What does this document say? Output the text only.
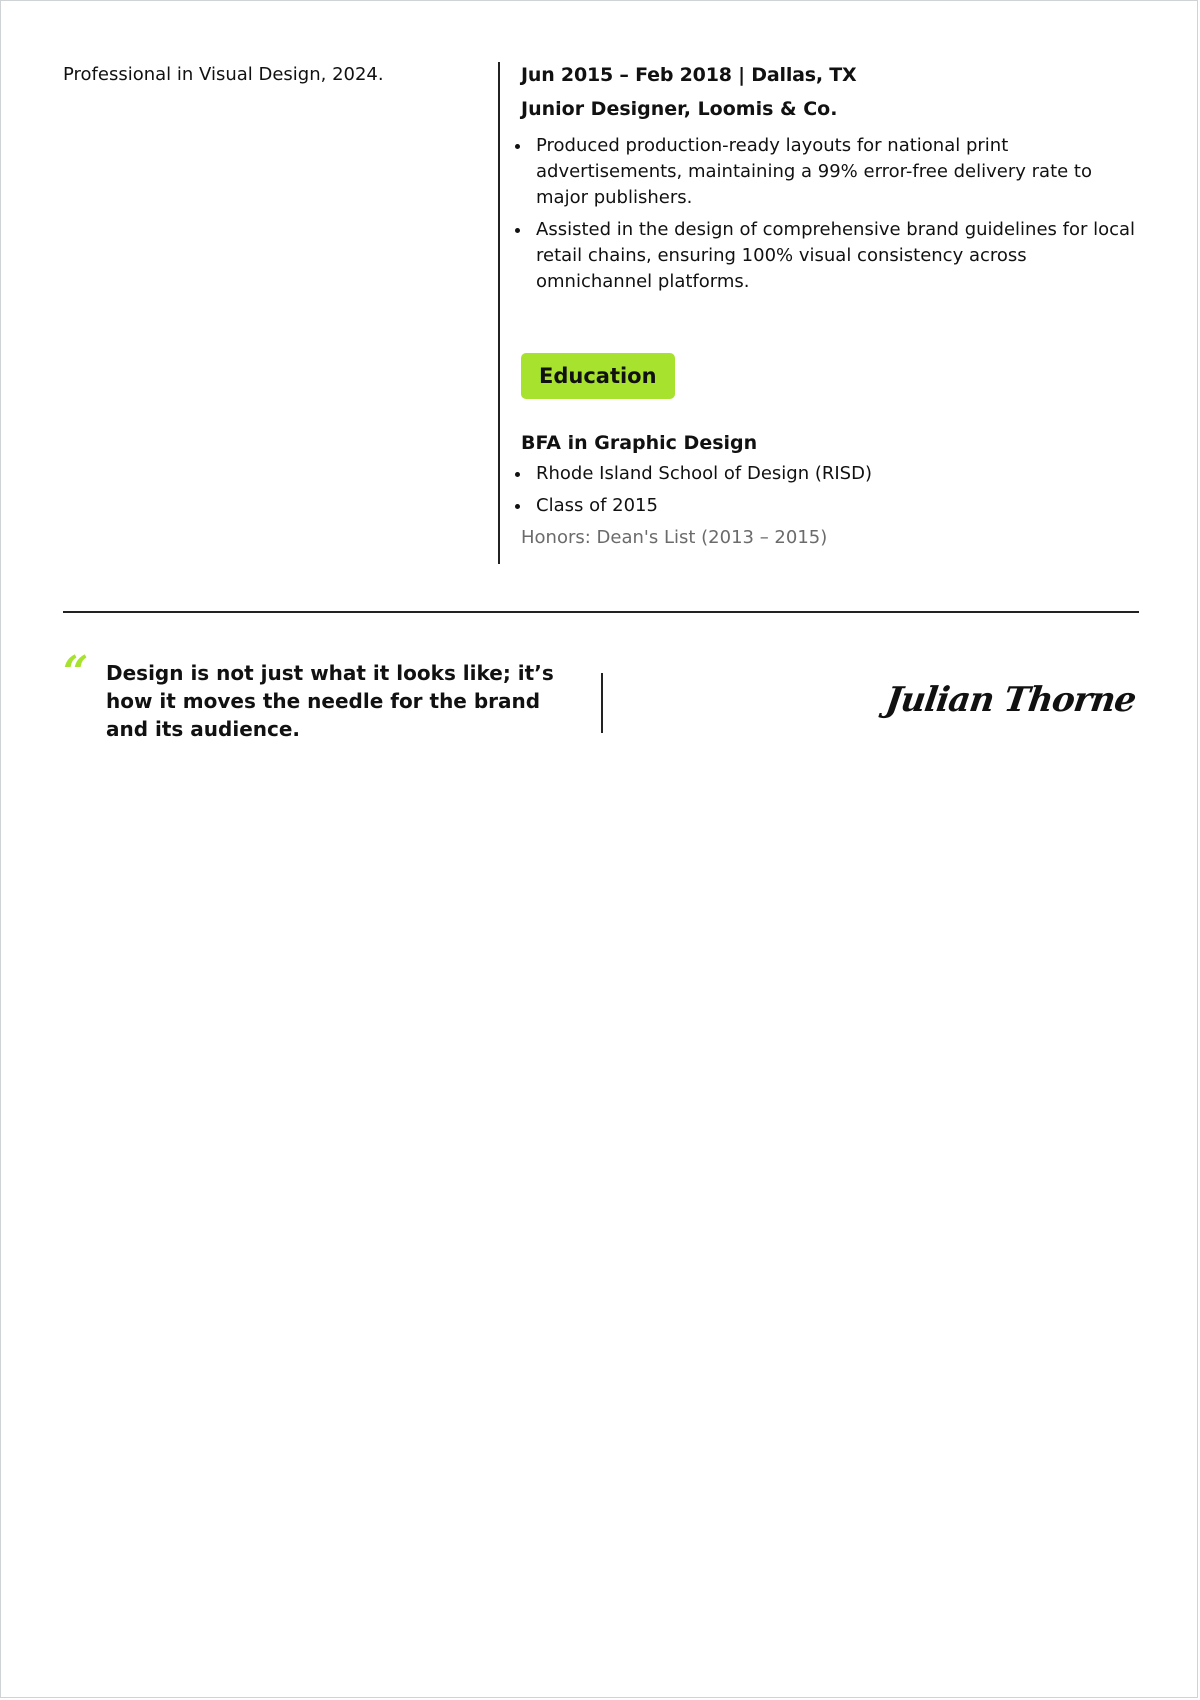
Professional in Visual Design, 2024.	Jun 2015 – Feb 2018 | Dallas, TX

Junior Designer, Loomis & Co.

Produced production-ready layouts for national print advertisements, maintaining a 99% error-free delivery rate to major publishers.
Assisted in the design of comprehensive brand guidelines for local retail chains, ensuring 100% visual consistency across omnichannel platforms.
Education

BFA in Graphic Design

Rhode Island School of Design (RISD)
Class of 2015
Honors: Dean's List (2013 – 2015)
“ Design is not just what it looks like; it’s how it moves the needle for the brand and its audience.
Julian Thorne
